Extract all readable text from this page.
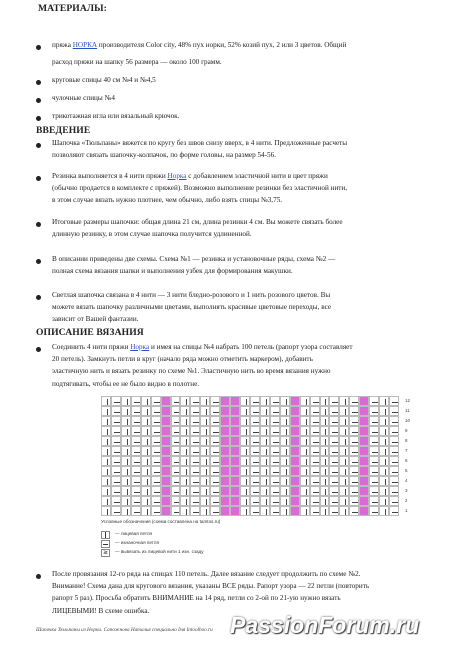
МАТЕРИАЛЫ:
пряжа НОРКА производителя Color city, 48% пух норки, 52% козий пух, 2 или 3 цветов. Общий
расход пряжи на шапку 56 размера — около 100 грамм.
круговые спицы 40 см №4 и №4,5
чулочные спицы №4
трикотажная игла или вязальный крючок.
ВВЕДЕНИЕ
Шапочка «Тюльпаны» вяжется по кругу без швов снизу вверх, в 4 нити. Предложенные расчеты
позволяют связать шапочку-колпачок, по форме головы, на размер 54-56.
Резинка выполняется в 4 нити пряжи Норка с добавлением эластичной нити в цвет пряжи
(обычно продается в комплекте с пряжей). Возможно выполнение резинки без эластичной нити,
в этом случае вязать нужно плотнее, чем обычно, либо взять спицы №3,75.
Итоговые размеры шапочки: общая длина 21 см, длина резинки 4 см. Вы можете связать более
длинную резинку, в этом случае шапочка получится удлиненной.
В описании приведены две схемы. Схема №1 — резинка и установочные ряды, схема №2 —
полная схема вязания шапки и выполнения узбек для формирования макушки.
Светлая шапочка связана в 4 нити — 3 нити бледно-розового и 1 нить розового цветов. Вы
можете вязать шапочку различными цветами, выполнять красивые цветовые переходы, все
зависит от Вашей фантазии.
ОПИСАНИЕ ВЯЗАНИЯ
Соединить 4 нити пряжи Норка и имея на спицы №4 набрать 100 петель (рапорт узора составляет
20 петель). Замкнуть петли в круг (начало ряда можно отметить маркером), добавить
эластичную нить и вязать резинку по схеме №1. Эластичную нить во время вязания нужно
подтягивать, чтобы ее не было видно в полотне.
12
11
10
9
8
7
6
5
4
3
2
1
Условные обозначения (схема составлена на tamtos.ru)
— лицевая петля
— изнаночная петля
≥	— вывязать из лицевой нити 1 изн. сзаду
После провязания 12-го ряда на спицах 110 петель. Далее вязание следует продолжить по схеме №2.
Внимание! Схема дана для кругового вязания, указаны ВСЕ ряды. Рапорт узора — 22 петли (повторить
рапорт 5 раз). Просьба обратить ВНИМАНИЕ на 14 ряд, петли со 2-ой по 21-ую нужно вязать
ЛИЦЕВЫМИ! В схеме ошибка.
Шапочка Тюльпаны из Норки. Сапожнова Наталья специально для Intoolboo.ru PassionForum.ru
